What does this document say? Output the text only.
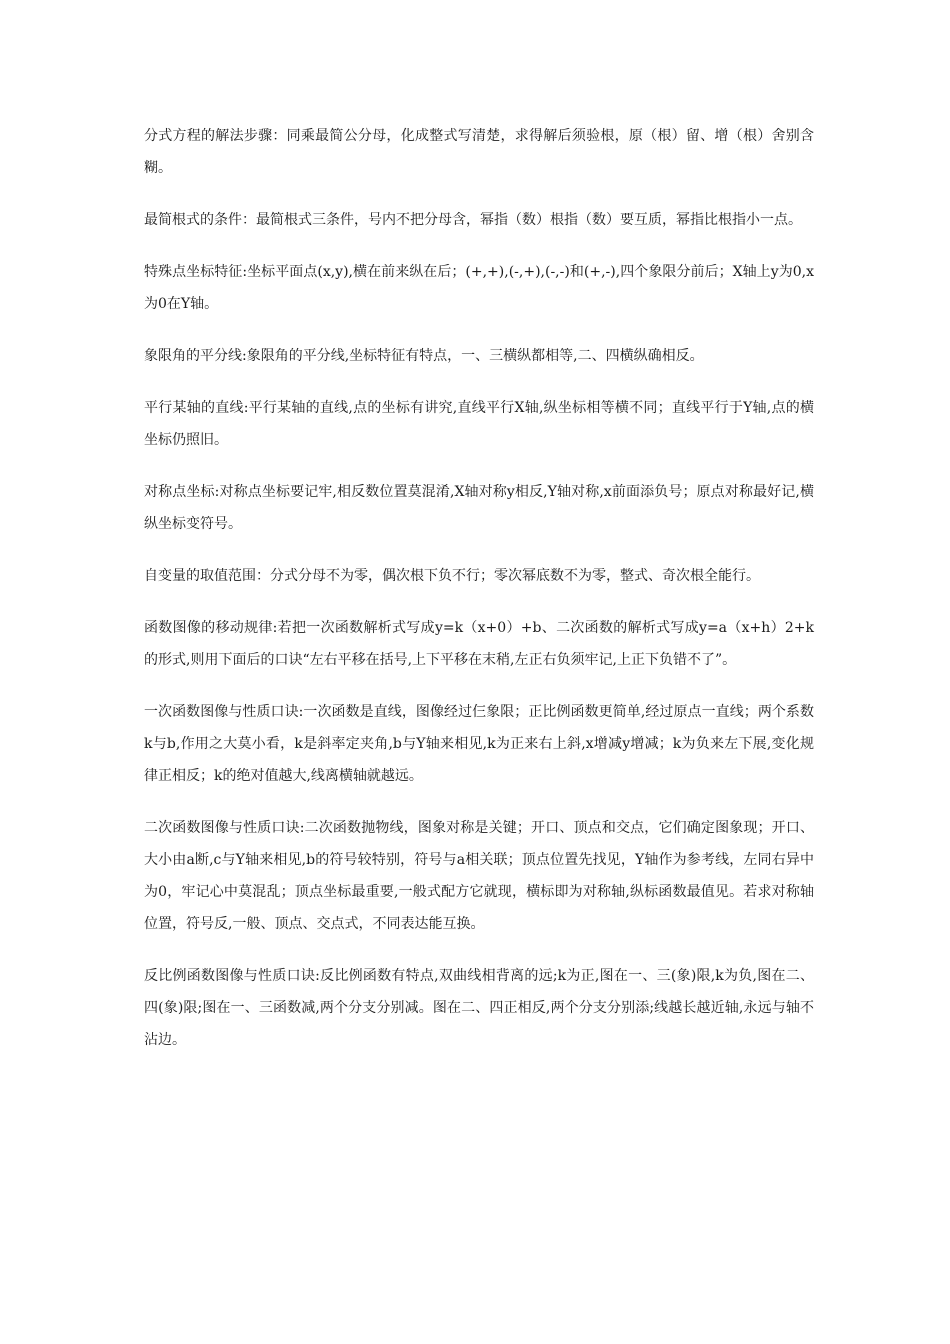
分式方程的解法步骤：同乘最简公分母，化成整式写清楚，求得解后须验根，原（根）留、增（根）舍别含糊。

最简根式的条件：最简根式三条件，号内不把分母含，幂指（数）根指（数）要互质，幂指比根指小一点。

特殊点坐标特征:坐标平面点(x,y),横在前来纵在后；(+,+),(-,+),(-,-)和(+,-),四个象限分前后；X轴上y为0,x为0在Y轴。

象限角的平分线:象限角的平分线,坐标特征有特点，一、三横纵都相等,二、四横纵确相反。

平行某轴的直线:平行某轴的直线,点的坐标有讲究,直线平行X轴,纵坐标相等横不同；直线平行于Y轴,点的横坐标仍照旧。

对称点坐标:对称点坐标要记牢,相反数位置莫混淆,X轴对称y相反,Y轴对称,x前面添负号；原点对称最好记,横纵坐标变符号。

自变量的取值范围：分式分母不为零，偶次根下负不行；零次幂底数不为零，整式、奇次根全能行。

函数图像的移动规律:若把一次函数解析式写成y=k（x+0）+b、二次函数的解析式写成y=a（x+h）2+k的形式,则用下面后的口诀“左右平移在括号,上下平移在末稍,左正右负须牢记,上正下负错不了”。

一次函数图像与性质口诀:一次函数是直线，图像经过仨象限；正比例函数更简单,经过原点一直线；两个系数k与b,作用之大莫小看，k是斜率定夹角,b与Y轴来相见,k为正来右上斜,x增减y增减；k为负来左下展,变化规律正相反；k的绝对值越大,线离横轴就越远。

二次函数图像与性质口诀:二次函数抛物线，图象对称是关键；开口、顶点和交点，它们确定图象现；开口、大小由a断,c与Y轴来相见,b的符号较特别，符号与a相关联；顶点位置先找见，Y轴作为参考线，左同右异中为0，牢记心中莫混乱；顶点坐标最重要,一般式配方它就现，横标即为对称轴,纵标函数最值见。若求对称轴位置，符号反,一般、顶点、交点式，不同表达能互换。

反比例函数图像与性质口诀:反比例函数有特点,双曲线相背离的远;k为正,图在一、三(象)限,k为负,图在二、四(象)限;图在一、三函数减,两个分支分别减。图在二、四正相反,两个分支分别添;线越长越近轴,永远与轴不沾边。
